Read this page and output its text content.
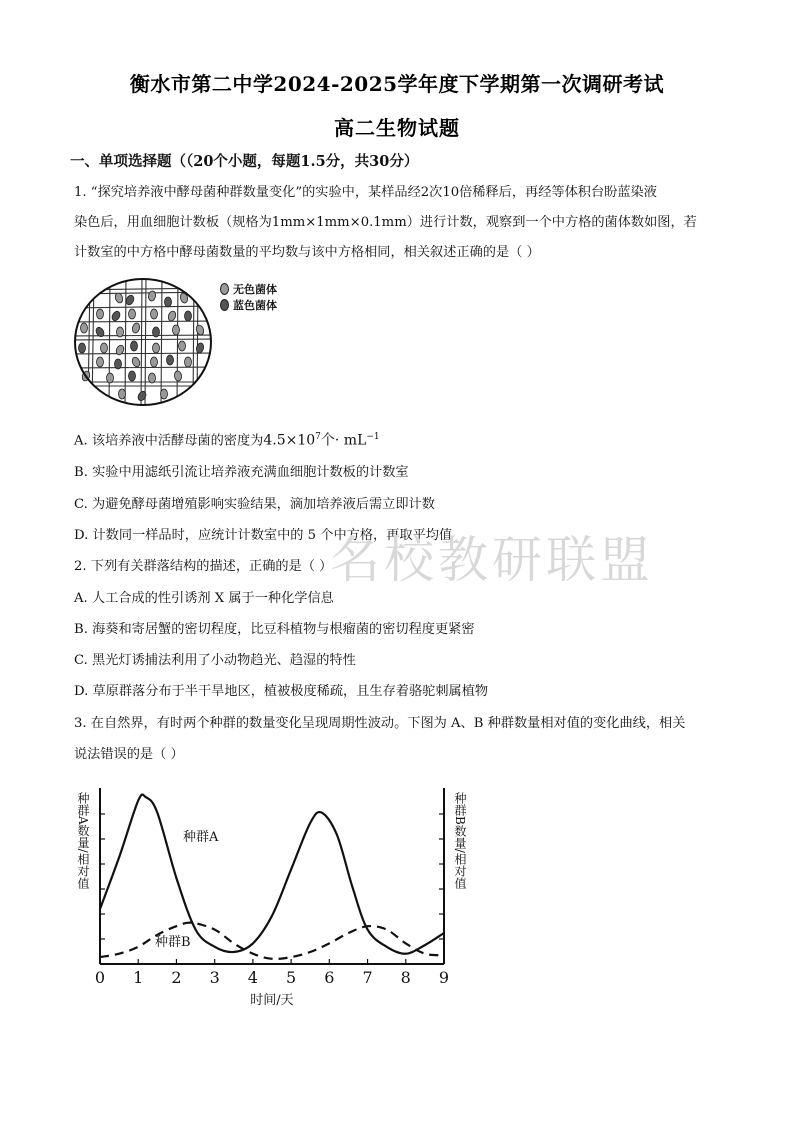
衡水市第二中学2024-2025学年度下学期第一次调研考试
高二生物试题
一、单项选择题（（20个小题，每题1.5分，共30分）
1. “探究培养液中酵母菌种群数量变化”的实验中，某样品经2次10倍稀释后，再经等体积台盼蓝染液
染色后，用血细胞计数板（规格为1mm×1mm×0.1mm）进行计数，观察到一个中方格的菌体数如图，若
计数室的中方格中酵母菌数量的平均数与该中方格相同，相关叙述正确的是（ ）
无色菌体
蓝色菌体
A. 该培养液中活酵母菌的密度为$4.5\times 10^7$个· $mL^{-1}$
B. 实验中用滤纸引流让培养液充满血细胞计数板的计数室
C. 为避免酵母菌增殖影响实验结果，滴加培养液后需立即计数
D. 计数同一样品时，应统计计数室中的 5 个中方格，再取平均值
名校教研联盟
2. 下列有关群落结构的描述，正确的是（ ）
A. 人工合成的性引诱剂 X 属于一种化学信息
B. 海葵和寄居蟹的密切程度，比豆科植物与根瘤菌的密切程度更紧密
C. 黑光灯诱捕法利用了小动物趋光、趋湿的特性
D. 草原群落分布于半干旱地区，植被极度稀疏，且生存着骆驼刺属植物
3. 在自然界，有时两个种群的数量变化呈现周期性波动。下图为 A、B 种群数量相对值的变化曲线，相关
说法错误的是（ ）
0 1 2 3 4 5 6 7 8 9
种群A
种群B
时间/天
种群A数量/相对值	种群B数量/相对值
